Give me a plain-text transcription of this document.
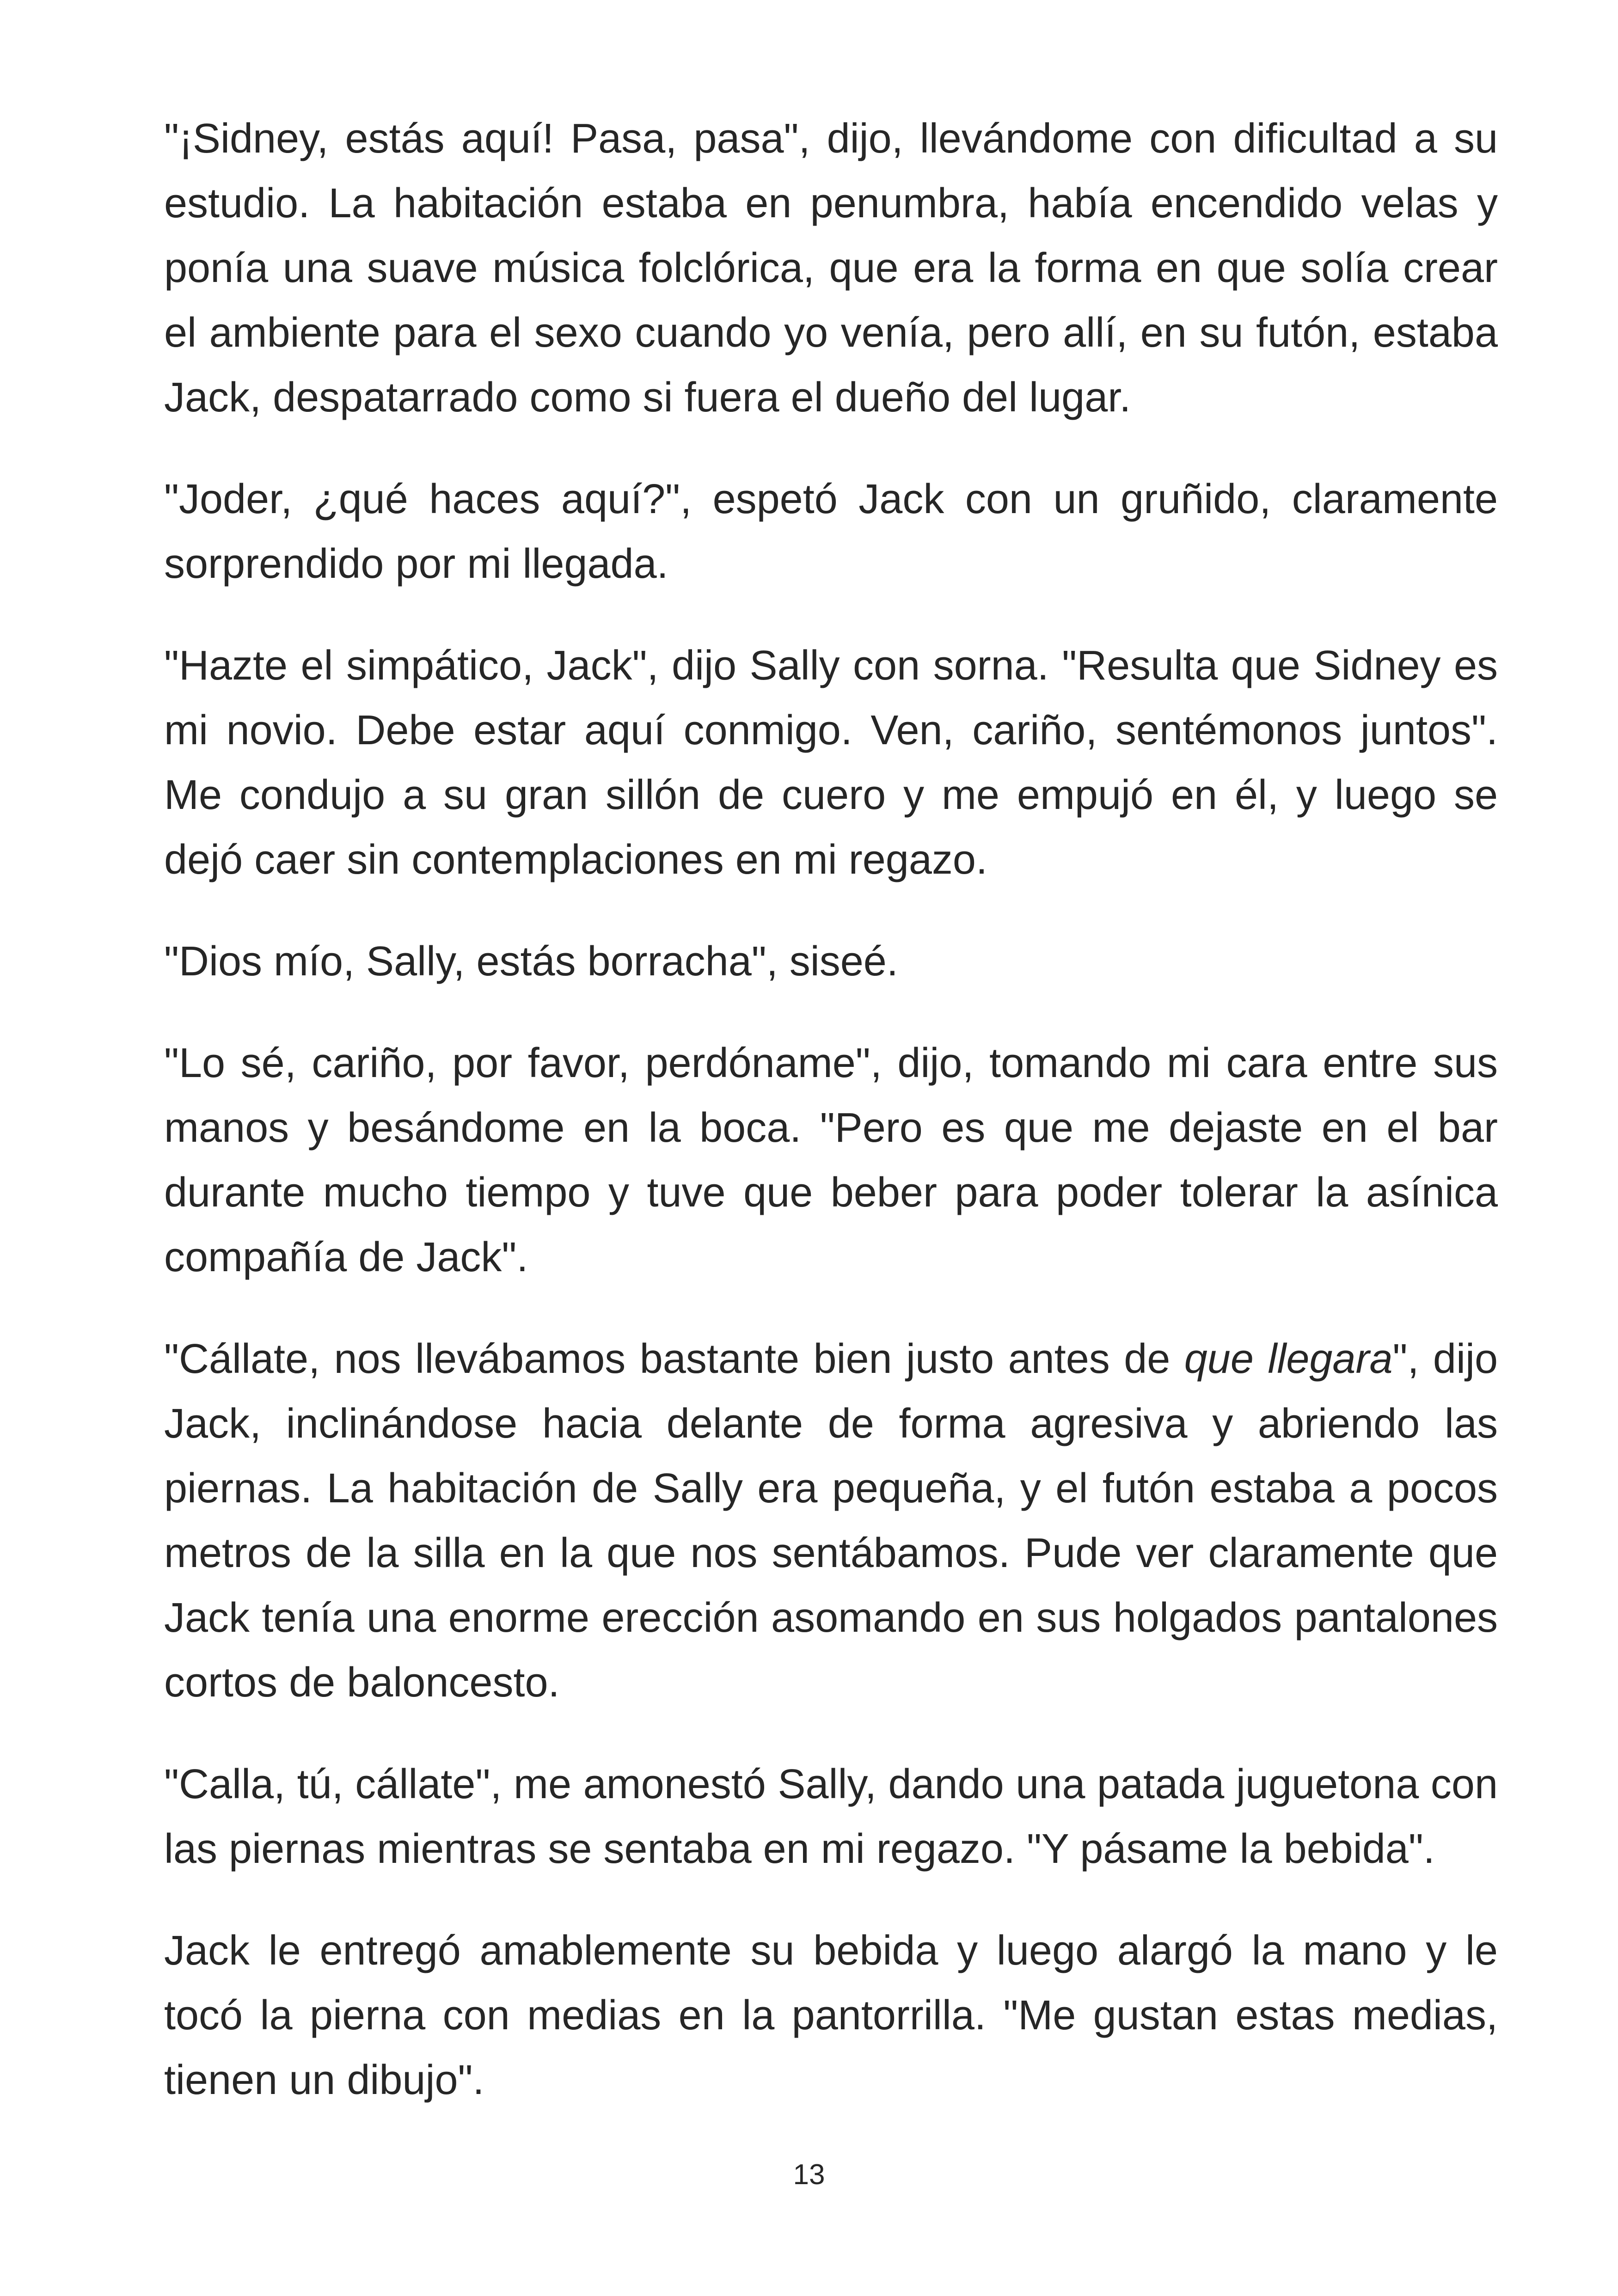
"¡Sidney, estás aquí! Pasa, pasa", dijo, llevándome con dificultad a su estudio. La habitación estaba en penumbra, había encendido velas y ponía una suave música folclórica, que era la forma en que solía crear el ambiente para el sexo cuando yo venía, pero allí, en su futón, estaba Jack, despatarrado como si fuera el dueño del lugar.

"Joder, ¿qué haces aquí?", espetó Jack con un gruñido, claramente sorprendido por mi llegada.

"Hazte el simpático, Jack", dijo Sally con sorna. "Resulta que Sidney es mi novio. Debe estar aquí conmigo. Ven, cariño, sentémonos juntos". Me condujo a su gran sillón de cuero y me empujó en él, y luego se dejó caer sin contemplaciones en mi regazo.

"Dios mío, Sally, estás borracha", siseé.

"Lo sé, cariño, por favor, perdóname", dijo, tomando mi cara entre sus manos y besándome en la boca. "Pero es que me dejaste en el bar durante mucho tiempo y tuve que beber para poder tolerar la asínica compañía de Jack".

"Cállate, nos llevábamos bastante bien justo antes de que llegara", dijo Jack, inclinándose hacia delante de forma agresiva y abriendo las piernas. La habitación de Sally era pequeña, y el futón estaba a pocos metros de la silla en la que nos sentábamos. Pude ver claramente que Jack tenía una enorme erección asomando en sus holgados pantalones cortos de baloncesto.

"Calla, tú, cállate", me amonestó Sally, dando una patada juguetona con las piernas mientras se sentaba en mi regazo. "Y pásame la bebida".

Jack le entregó amablemente su bebida y luego alargó la mano y le tocó la pierna con medias en la pantorrilla. "Me gustan estas medias, tienen un dibujo".

13
